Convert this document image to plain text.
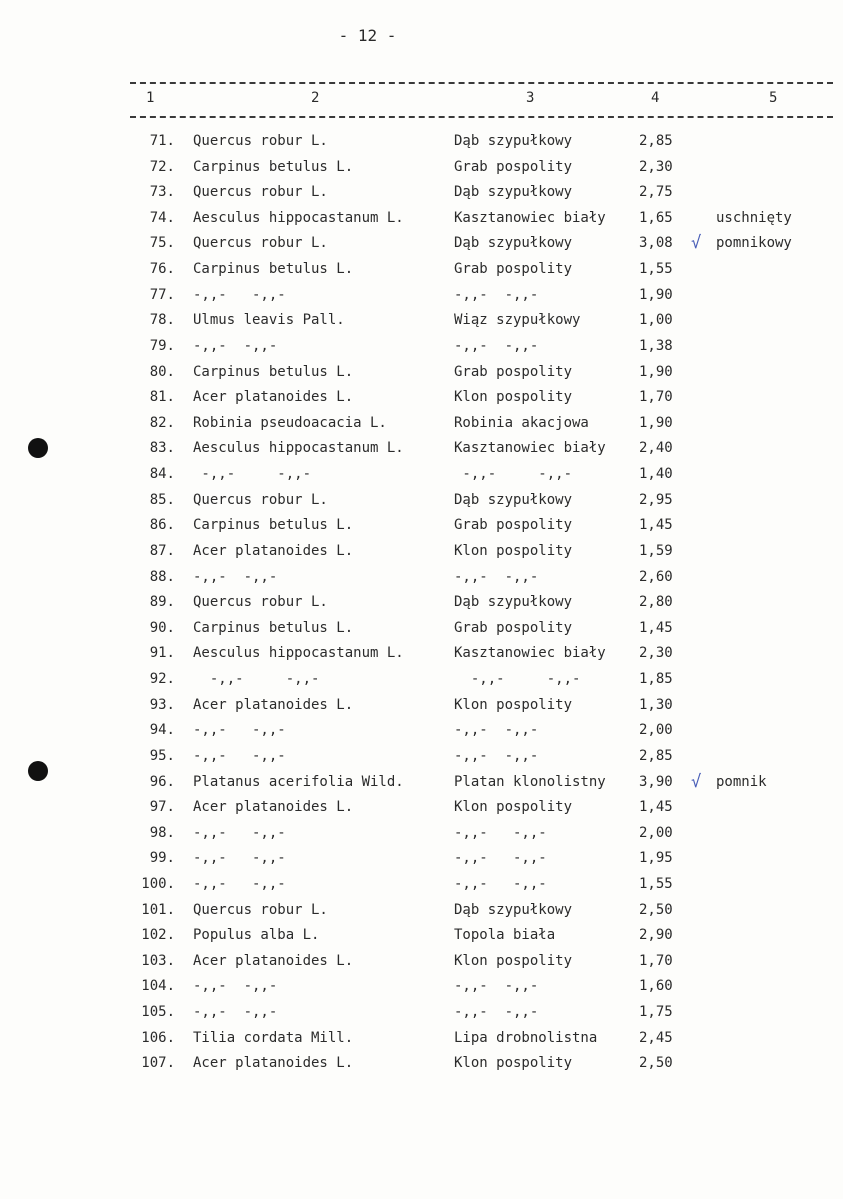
- 12 -
1	2	3	4	5
71. Quercus robur L.	Dąb szypułkowy	2,85
72. Carpinus betulus L.	Grab pospolity	2,30
73. Quercus robur L.	Dąb szypułkowy	2,75
74. Aesculus hippocastanum L.	Kasztanowiec biały 1,65	uschnięty
75. Quercus robur L.	Dąb szypułkowy	3,08 √ pomnikowy
76. Carpinus betulus L.	Grab pospolity	1,55
77. -,,-   -,,-	-,,-  -,,-	1,90
78. Ulmus leavis Pall.	Wiąz szypułkowy	1,00
79. -,,-  -,,-	-,,-  -,,-	1,38
80. Carpinus betulus L.	Grab pospolity	1,90
81. Acer platanoides L.	Klon pospolity	1,70
82. Robinia pseudoacacia L.	Robinia akacjowa	1,90
83. Aesculus hippocastanum L.	Kasztanowiec biały 2,40
84. -,,-     -,,-	-,,-     -,,-	1,40
85. Quercus robur L.	Dąb szypułkowy	2,95
86. Carpinus betulus L.	Grab pospolity	1,45
87. Acer platanoides L.	Klon pospolity	1,59
88. -,,-  -,,-	-,,-  -,,-	2,60
89. Quercus robur L.	Dąb szypułkowy	2,80
90. Carpinus betulus L.	Grab pospolity	1,45
91. Aesculus hippocastanum L.	Kasztanowiec biały 2,30
92. -,,-     -,,-	-,,-     -,,-	1,85
93. Acer platanoides L.	Klon pospolity	1,30
94. -,,-   -,,-	-,,-  -,,-	2,00
95. -,,-   -,,-	-,,-  -,,-	2,85
96. Platanus acerifolia Wild.	Platan klonolistny 3,90 √ pomnik
97. Acer platanoides L.	Klon pospolity	1,45
98. -,,-   -,,-	-,,-   -,,-	2,00
99. -,,-   -,,-	-,,-   -,,-	1,95
100. -,,-   -,,-	-,,-   -,,-	1,55
101. Quercus robur L.	Dąb szypułkowy	2,50
102. Populus alba L.	Topola biała	2,90
103. Acer platanoides L.	Klon pospolity	1,70
104. -,,-  -,,-	-,,-  -,,-	1,60
105. -,,-  -,,-	-,,-  -,,-	1,75
106. Tilia cordata Mill.	Lipa drobnolistna	2,45
107. Acer platanoides L.	Klon pospolity	2,50
